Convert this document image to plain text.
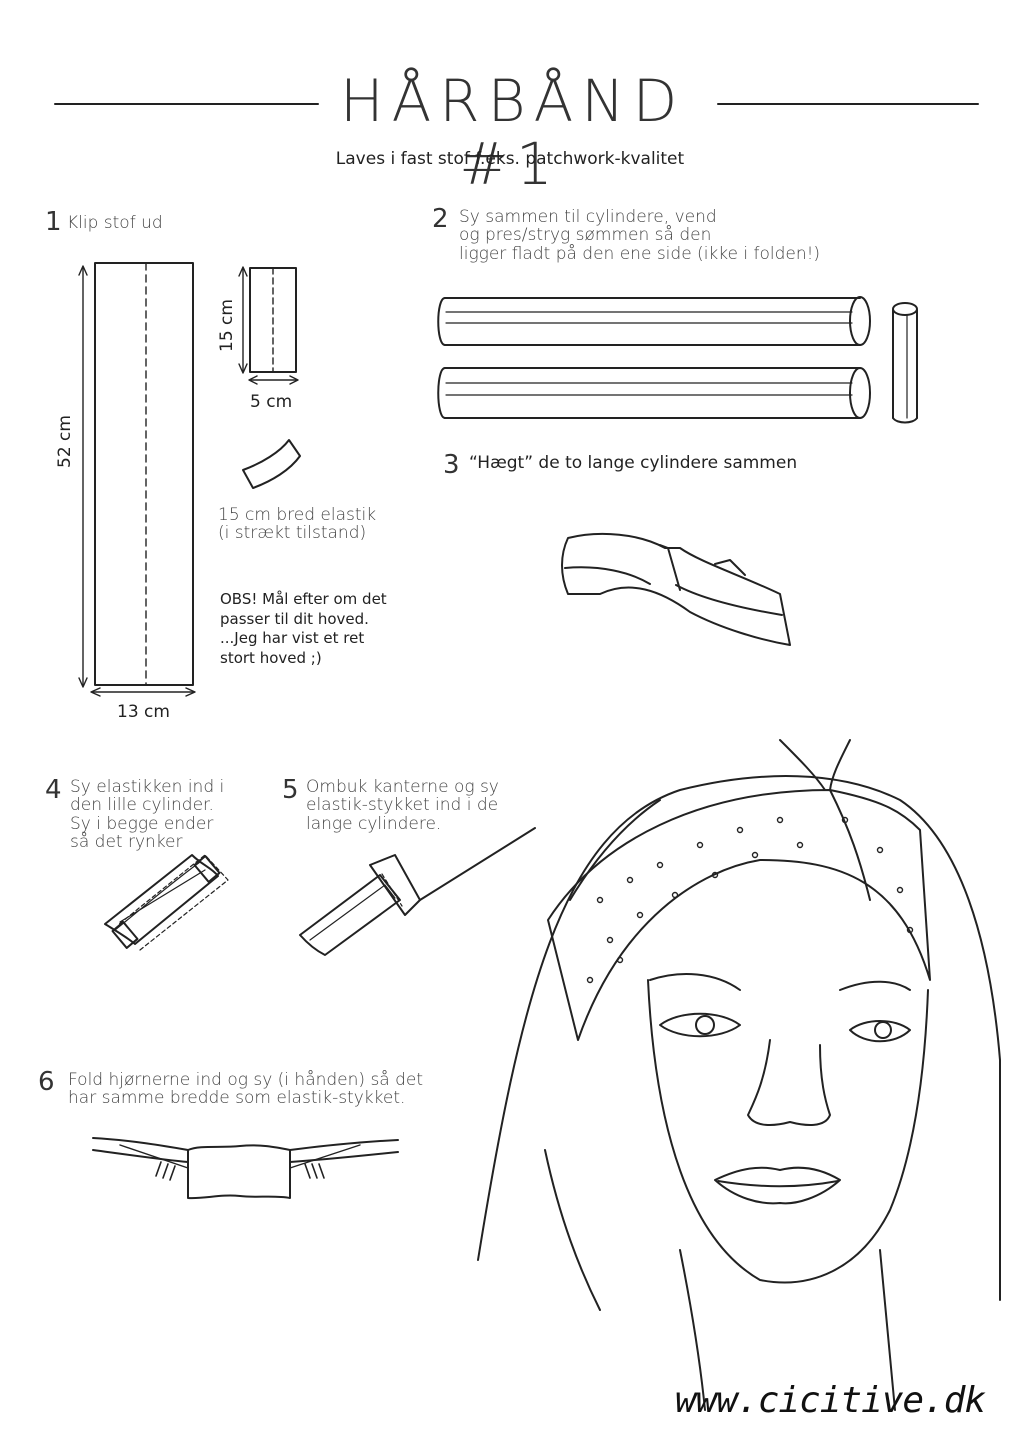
HÅRBÅND #1
Laves i fast stof f.eks. patchwork-kvalitet
1 Klip stof ud
52 cm
13 cm
15 cm
5 cm
15 cm bred elastik
(i strækt tilstand)
OBS! Mål efter om det
passer til dit hoved.
...Jeg har vist et ret
stort hoved ;)
2 Sy sammen til cylindere, vend
og pres/stryg sømmen så den
ligger fladt på den ene side (ikke i folden!)
3 “Hægt” de to lange cylindere sammen
4 Sy elastikken ind i
den lille cylinder.
Sy i begge ender
så det rynker
5 Ombuk kanterne og sy
elastik-stykket ind i de
lange cylindere.
6 Fold hjørnerne ind og sy (i hånden) så det
har samme bredde som elastik-stykket.
www.cicitive.dk
